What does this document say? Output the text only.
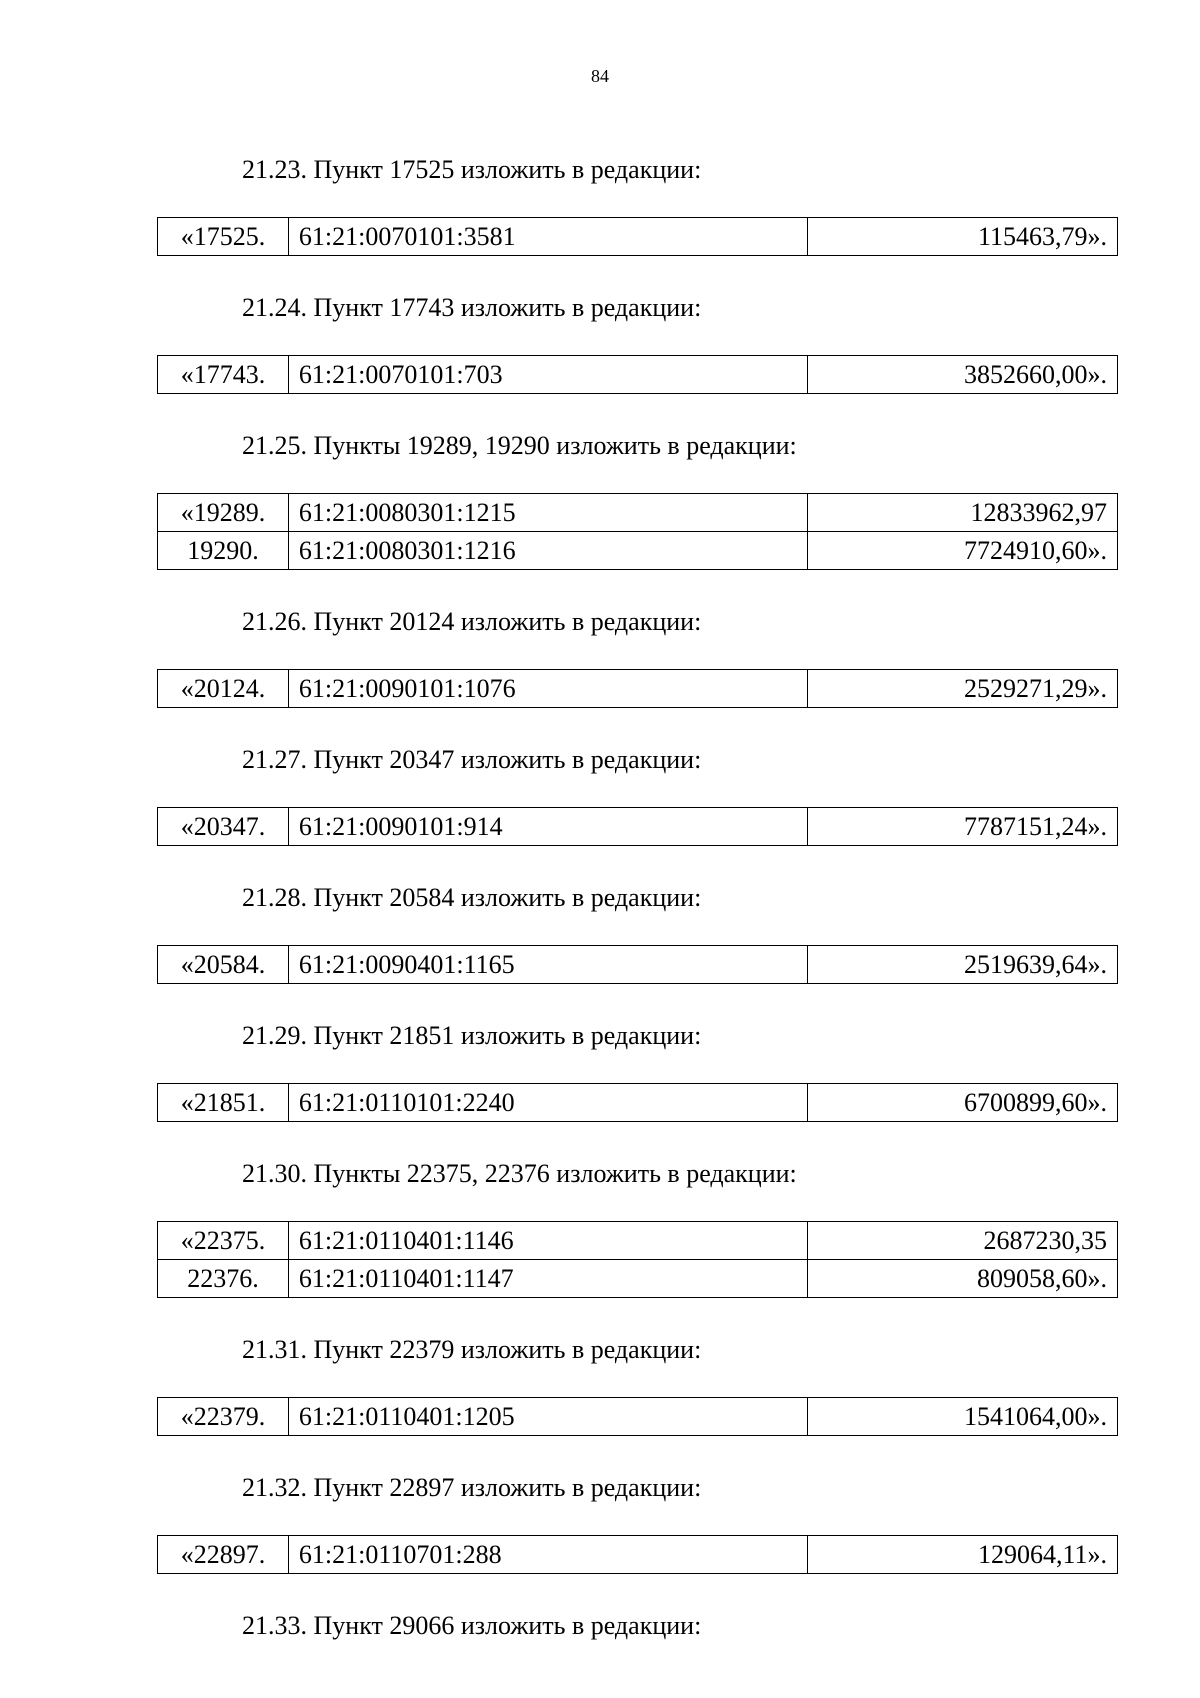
84
21.23. Пункт 17525 изложить в редакции:
«17525.	61:21:0070101:3581	115463,79».
21.24. Пункт 17743 изложить в редакции:
«17743.	61:21:0070101:703	3852660,00».
21.25. Пункты 19289, 19290 изложить в редакции:
«19289.	61:21:0080301:1215	12833962,97
19290.	61:21:0080301:1216	7724910,60».
21.26. Пункт 20124 изложить в редакции:
«20124.	61:21:0090101:1076	2529271,29».
21.27. Пункт 20347 изложить в редакции:
«20347.	61:21:0090101:914	7787151,24».
21.28. Пункт 20584 изложить в редакции:
«20584.	61:21:0090401:1165	2519639,64».
21.29. Пункт 21851 изложить в редакции:
«21851.	61:21:0110101:2240	6700899,60».
21.30. Пункты 22375, 22376 изложить в редакции:
«22375.	61:21:0110401:1146	2687230,35
22376.	61:21:0110401:1147	809058,60».
21.31. Пункт 22379 изложить в редакции:
«22379.	61:21:0110401:1205	1541064,00».
21.32. Пункт 22897 изложить в редакции:
«22897.	61:21:0110701:288	129064,11».
21.33. Пункт 29066 изложить в редакции:
